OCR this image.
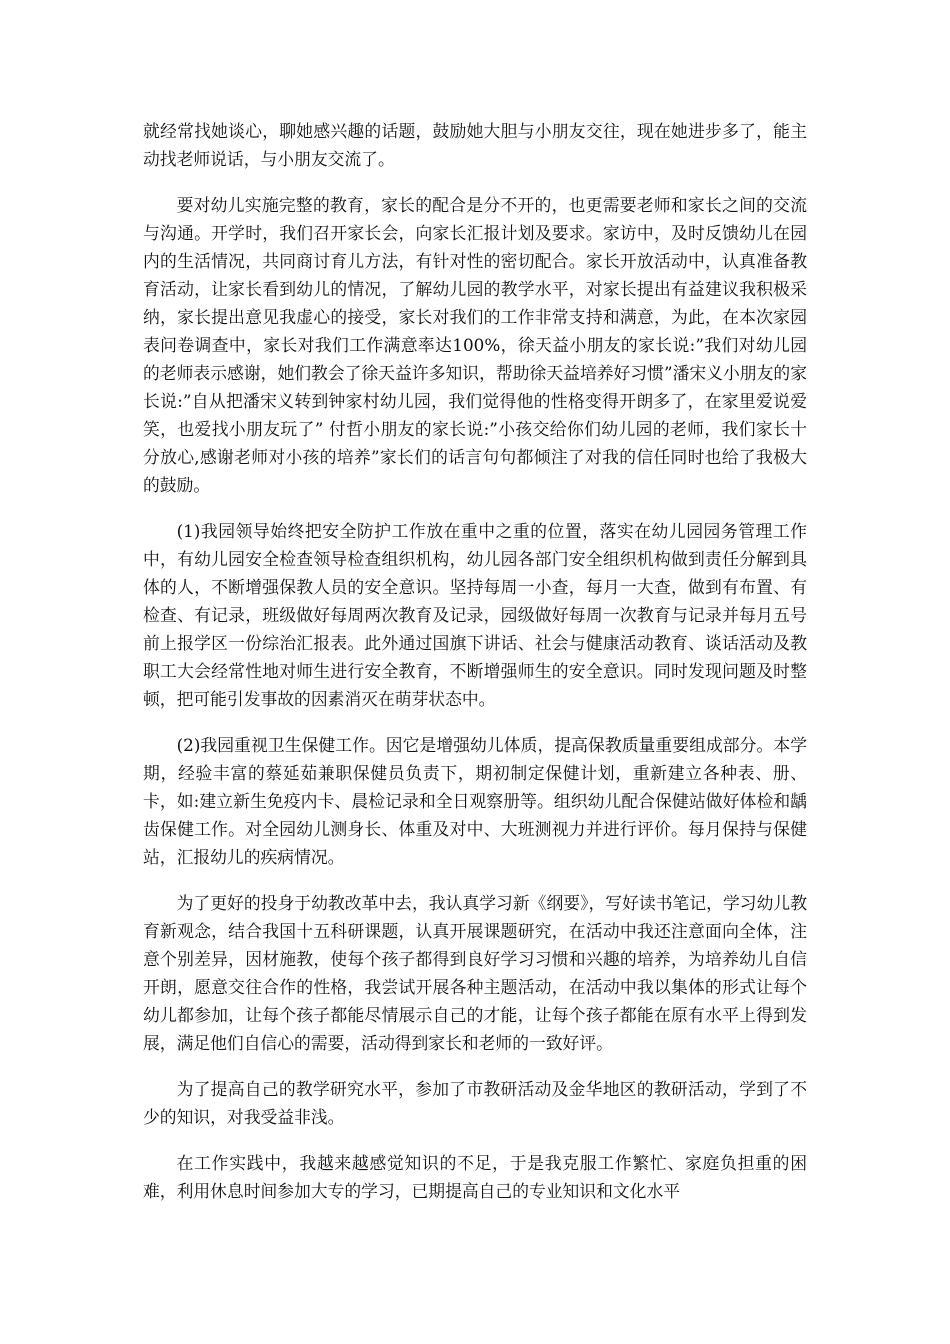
就经常找她谈心，聊她感兴趣的话题，鼓励她大胆与小朋友交往，现在她进步多了，能主动找老师说话，与小朋友交流了。

要对幼儿实施完整的教育，家长的配合是分不开的，也更需要老师和家长之间的交流与沟通。开学时，我们召开家长会，向家长汇报计划及要求。家访中，及时反馈幼儿在园内的生活情况，共同商讨育儿方法，有针对性的密切配合。家长开放活动中，认真准备教育活动，让家长看到幼儿的情况，了解幼儿园的教学水平，对家长提出有益建议我积极采纳，家长提出意见我虚心的接受，家长对我们的工作非常支持和满意，为此，在本次家园表问卷调查中，家长对我们工作满意率达100%，徐天益小朋友的家长说:”我们对幼儿园的老师表示感谢，她们教会了徐天益许多知识，帮助徐天益培养好习惯”潘宋义小朋友的家长说:”自从把潘宋义转到钟家村幼儿园，我们觉得他的性格变得开朗多了，在家里爱说爱笑，也爱找小朋友玩了” 付哲小朋友的家长说:”小孩交给你们幼儿园的老师，我们家长十分放心,感谢老师对小孩的培养”家长们的话言句句都倾注了对我的信任同时也给了我极大的鼓励。

(1)我园领导始终把安全防护工作放在重中之重的位置，落实在幼儿园园务管理工作中，有幼儿园安全检查领导检查组织机构，幼儿园各部门安全组织机构做到责任分解到具体的人，不断增强保教人员的安全意识。坚持每周一小查，每月一大查，做到有布置、有检查、有记录，班级做好每周两次教育及记录，园级做好每周一次教育与记录并每月五号前上报学区一份综治汇报表。此外通过国旗下讲话、社会与健康活动教育、谈话活动及教职工大会经常性地对师生进行安全教育，不断增强师生的安全意识。同时发现问题及时整顿，把可能引发事故的因素消灭在萌芽状态中。

(2)我园重视卫生保健工作。因它是增强幼儿体质，提高保教质量重要组成部分。本学期，经验丰富的蔡延茹兼职保健员负责下，期初制定保健计划，重新建立各种表、册、卡，如:建立新生免疫内卡、晨检记录和全日观察册等。组织幼儿配合保健站做好体检和龋齿保健工作。对全园幼儿测身长、体重及对中、大班测视力并进行评价。每月保持与保健站，汇报幼儿的疾病情况。

为了更好的投身于幼教改革中去，我认真学习新《纲要》，写好读书笔记，学习幼儿教育新观念，结合我国十五科研课题，认真开展课题研究，在活动中我还注意面向全体，注意个别差异，因材施教，使每个孩子都得到良好学习习惯和兴趣的培养，为培养幼儿自信开朗，愿意交往合作的性格，我尝试开展各种主题活动，在活动中我以集体的形式让每个幼儿都参加，让每个孩子都能尽情展示自己的才能，让每个孩子都能在原有水平上得到发展，满足他们自信心的需要，活动得到家长和老师的一致好评。

为了提高自己的教学研究水平，参加了市教研活动及金华地区的教研活动，学到了不少的知识，对我受益非浅。

在工作实践中，我越来越感觉知识的不足，于是我克服工作繁忙、家庭负担重的困难，利用休息时间参加大专的学习，已期提高自己的专业知识和文化水平
